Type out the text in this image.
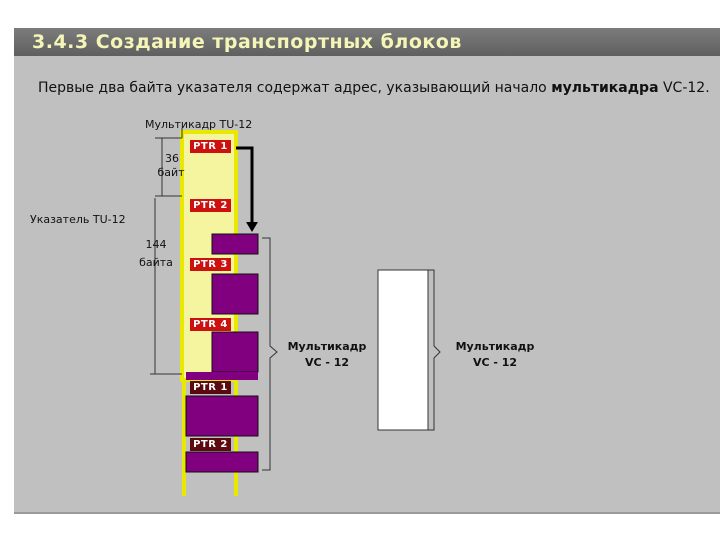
3.4.3 Создание транспортных блоков
Первые два байта указателя содержат адрес, указывающий начало мультикадра VC-12.
PTR 1
PTR 2
PTR 3
PTR 4
PTR 1
PTR 2
Мультикадр TU-12
36
байт
Указатель TU-12
144
байта
Мультикадр
VC - 12
Мультикадр
VC - 12
